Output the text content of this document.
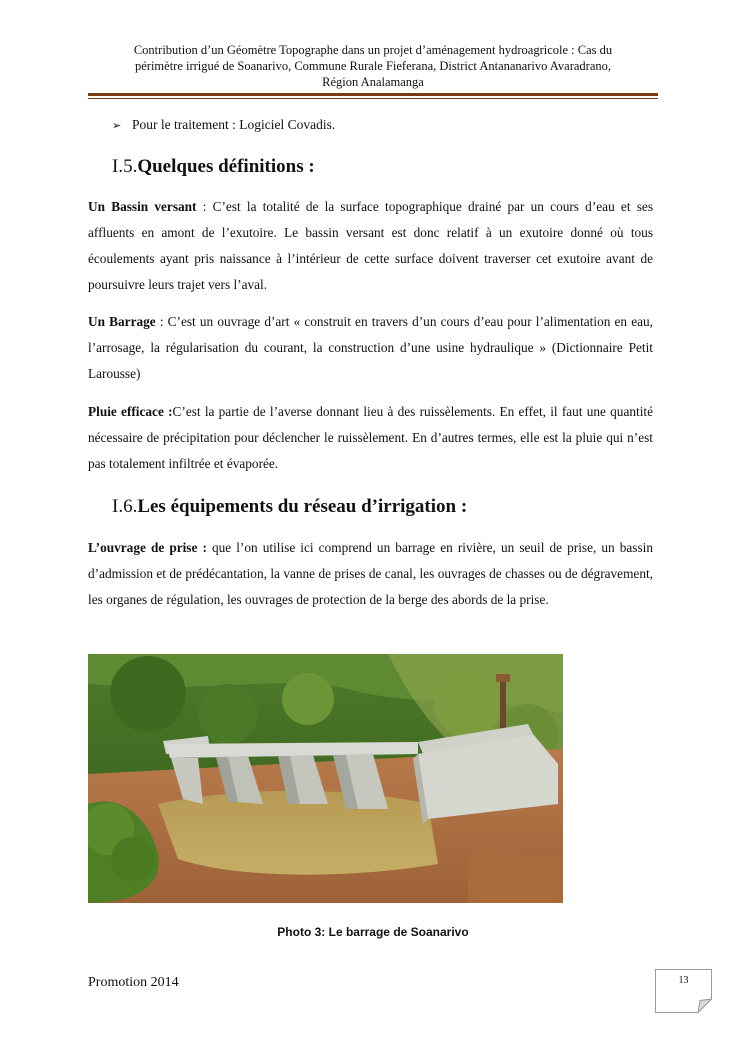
Contribution d’un Géomètre Topographe dans un projet d’aménagement hydroagricole : Cas du
périmètre irrigué de Soanarivo, Commune Rurale Fieferana, District Antananarivo Avaradrano,
Région Analamanga
➢ Pour le traitement : Logiciel Covadis.
I.5.Quelques définitions :

Un Bassin versant : C’est la totalité de la surface topographique drainé par un cours d’eau et ses affluents en amont de l’exutoire. Le bassin versant est donc relatif à un exutoire donné où tous écoulements ayant pris naissance à l’intérieur de cette surface doivent traverser cet exutoire avant de poursuivre leurs trajet vers l’aval.

Un Barrage : C’est un ouvrage d’art « construit en travers d’un cours d’eau pour l’alimentation en eau, l’arrosage, la régularisation du courant, la construction d’une usine hydraulique » (Dictionnaire Petit Larousse)

Pluie efficace :C’est la partie de l’averse donnant lieu à des ruissèlements. En effet, il faut une quantité nécessaire de précipitation pour déclencher le ruissèlement. En d’autres termes, elle est la pluie qui n’est pas totalement infiltrée et évaporée.

I.6.Les équipements du réseau d’irrigation :

L’ouvrage de prise : que l’on utilise ici comprend un barrage en rivière, un seuil de prise, un bassin d’admission et de prédécantation, la vanne de prises de canal, les ouvrages de chasses ou de dégravement, les organes de régulation, les ouvrages de protection de la berge des abords de la prise.

Photo 3: Le barrage de Soanarivo
Promotion 2014	13
